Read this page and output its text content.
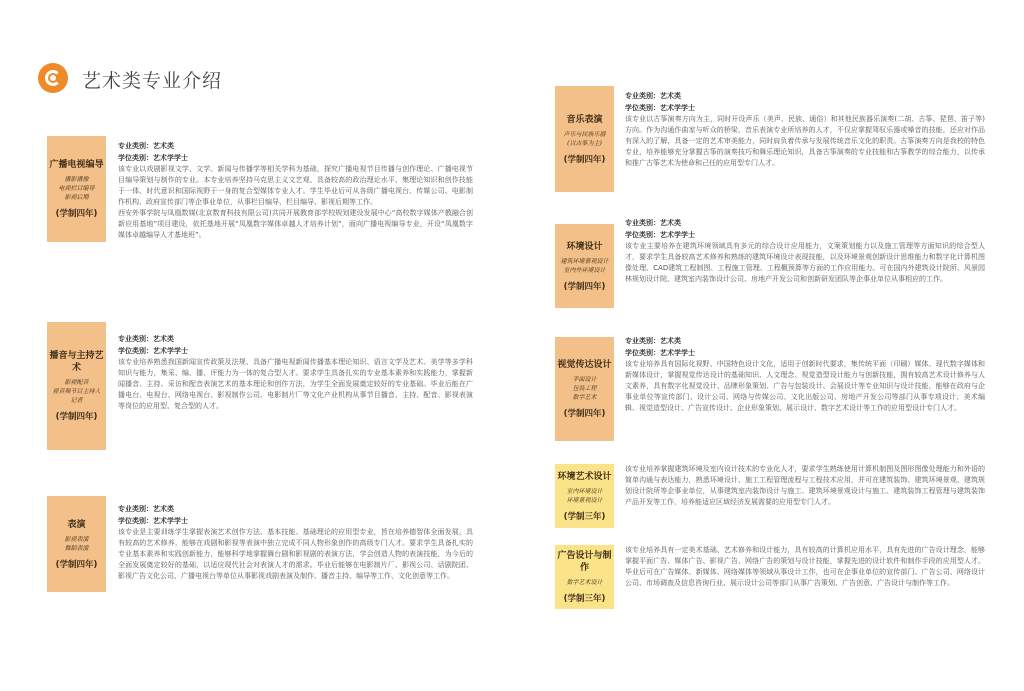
艺术类专业介绍
广播电视编导
摄影摄像
电视栏目编导
影视后期
(学制四年)
专业类别：艺术类
学位类别：艺术学学士

该专业以戏剧影视文学、文学、新闻与传播学等相关学科为基础，探究广播电视节目传播与创作理论、广播电视节目编导策划与制作的专业。本专业培养坚持马克思主义文艺观、具备较高的政治理论水平、集理论知识和创作技能于一体、时代意识和国际视野于一身的复合型媒体专业人才。学生毕业后可从各级广播电视台、传媒公司、电影制作机构、政府宣传部门等企事业单位，从事栏目编导、栏目编导、影视后期等工作。

西安外事学院与凤凰数媒(北京数育科技有限公司)共同开展教育部学校规划建设发展中心“高校数字媒体产教融合创新应用基地”项目建设，依托基地开展“凤凰数字媒体卓越人才培养计划”，面向广播电视编导专业，开设“凤凰数字媒体卓越编导人才基地班”。

播音与主持艺术
影视配音
视音频节目主持人
记者
(学制四年)
专业类别：艺术类
学位类别：艺术学学士

该专业培养熟悉我国新闻宣传政策及法规、具备广播电视新闻传播基本理论知识、语言文学及艺术、美学等多学科知识与能力，集采、编、播、评能力为一体的复合型人才。要求学生具备扎实的专业基本素养和实践能力，掌握新闻播音、主持、采访和配音表演艺术的基本理论和创作方法，为学生全面发展奠定较好的专业基础。毕业后能在广播电台、电视台、网络电视台、影视制作公司、电影制片厂等文化产业机构从事节目播音、主持、配音、影视表演等岗位的应用型、复合型的人才。

表演
影视表演
舞蹈表演
(学制四年)
专业类别：艺术类
学位类别：艺术学学士

该专业是主要训练学生掌握表演艺术创作方法、基本技能、基础理论的应用型专业，旨在培养德智体全面发展，具有较高的艺术修养，能够在戏剧和影视等表演中独立完成不同人物形象创作的高级专门人才。要求学生具备扎实的专业基本素养和实践创新能力，能够科学地掌握舞台剧和影视剧的表演方法，学会创造人物的表演技能，为今后的全面发展奠定较好的基础，以适应现代社会对表演人才的需求。毕业后能够在电影制片厂、影视公司、话剧院团、影视广告文化公司、广播电视台等单位从事影视戏剧表演及制作、播音主持、编导等工作、文化创意等工作。

音乐表演
声乐与民族乐器
(以古筝为主)
(学制四年)
专业类别：艺术类
学位类别：艺术学学士

该专业以古筝演奏方向为主，同时开设声乐（美声、民族、通俗）和其他民族器乐演奏(二胡、古筝、琵琶、笛子等)方向。作为沟通作曲家与听众的桥梁，音乐表演专业所培养的人才，不仅应掌握驾驭乐器或嗓音的技能，还应对作品有深入的了解，具备一定的艺术审美能力，同时肩负着传承与发展传统音乐文化的职责。古筝演奏方向是我校的特色专业，培养能够充分掌握古筝的演奏技巧和舞乐理论知识，具备古筝演奏的专业技能和古筝教学的综合能力，以传承和推广古筝艺术为使命和己任的应用型专门人才。

环境设计
建筑环境景观设计
室内外环境设计
(学制四年)
专业类别：艺术类
学位类别：艺术学学士

该专业主要培养在建筑环境领域具有多元的综合设计应用能力，文案策划能力以及施工管理等方面知识的综合型人才，要求学生具备较高艺术修养和熟练的建筑环境设计表现技能，以及环境景观创新设计思维能力和数字化计算机图像处理、CAD建筑工程制图、工程施工管理、工程概预算等方面的工作应用能力。可在国内外建筑设计院所、风景园林规划设计院、建筑室内装饰设计公司、房地产开发公司和创新研发团队等企事业单位从事相应的工作。

视觉传达设计
平面设计
包装工程
数字艺术
(学制四年)
专业类别：艺术类
学位类别：艺术学学士

该专业培养具有国际化视野、中国特色设计文化，适用于创新时代要求，集传统平面（印刷）媒体、现代数字媒体和新媒体设计，掌握视觉传达设计的基础知识、人文理念、视觉造型设计能力与创新技能，拥有较高艺术设计修养与人文素养，具有数字化视觉设计、品牌形象策划、广告与包装设计、会展设计等专业知识与设计技能，能够在政府与企事业单位等宣传部门、设计公司、网络与传媒公司、文化出版公司、房地产开发公司等部门从事专项设计、美术编辑、视觉造型设计、广告宣传设计、企业形象策划、展示设计、数字艺术设计等工作的应用型设计专门人才。

环境艺术设计
室内环境设计
环境景观设计
(学制三年)

该专业培养掌握建筑环境及室内设计技术的专业化人才，要求学生熟练使用计算机制图及图形图像处理能力和外语的简单沟通与表达能力，熟悉环境设计、施工工程管理流程与工程技术应用，并可在建筑装饰、建筑环境景观、建筑规划设计院所等企事业单位，从事建筑室内装饰设计与施工、建筑环境景观设计与施工、建筑装饰工程管理与建筑装饰产品开发等工作，培养能适应区域经济发展需要的应用型专门人才。

广告设计与制作
数字艺术设计
(学制三年)

该专业培养具有一定美术基础、艺术修养和设计能力，具有较高的计算机应用水平，具有先进的广告设计理念，能够掌握平面广告、媒体广告、影视广告、网络广告的策划与设计技能，掌握先进的设计软件和制作手段的应用型人才。毕业后可在广告媒体、新媒体、网络媒体等领域从事设计工作，也可在企事业单位的宣传部门、广告公司、网络设计公司、市场调查及信息咨询行业、展示设计公司等部门从事广告策划、广告创意、广告设计与制作等工作。
